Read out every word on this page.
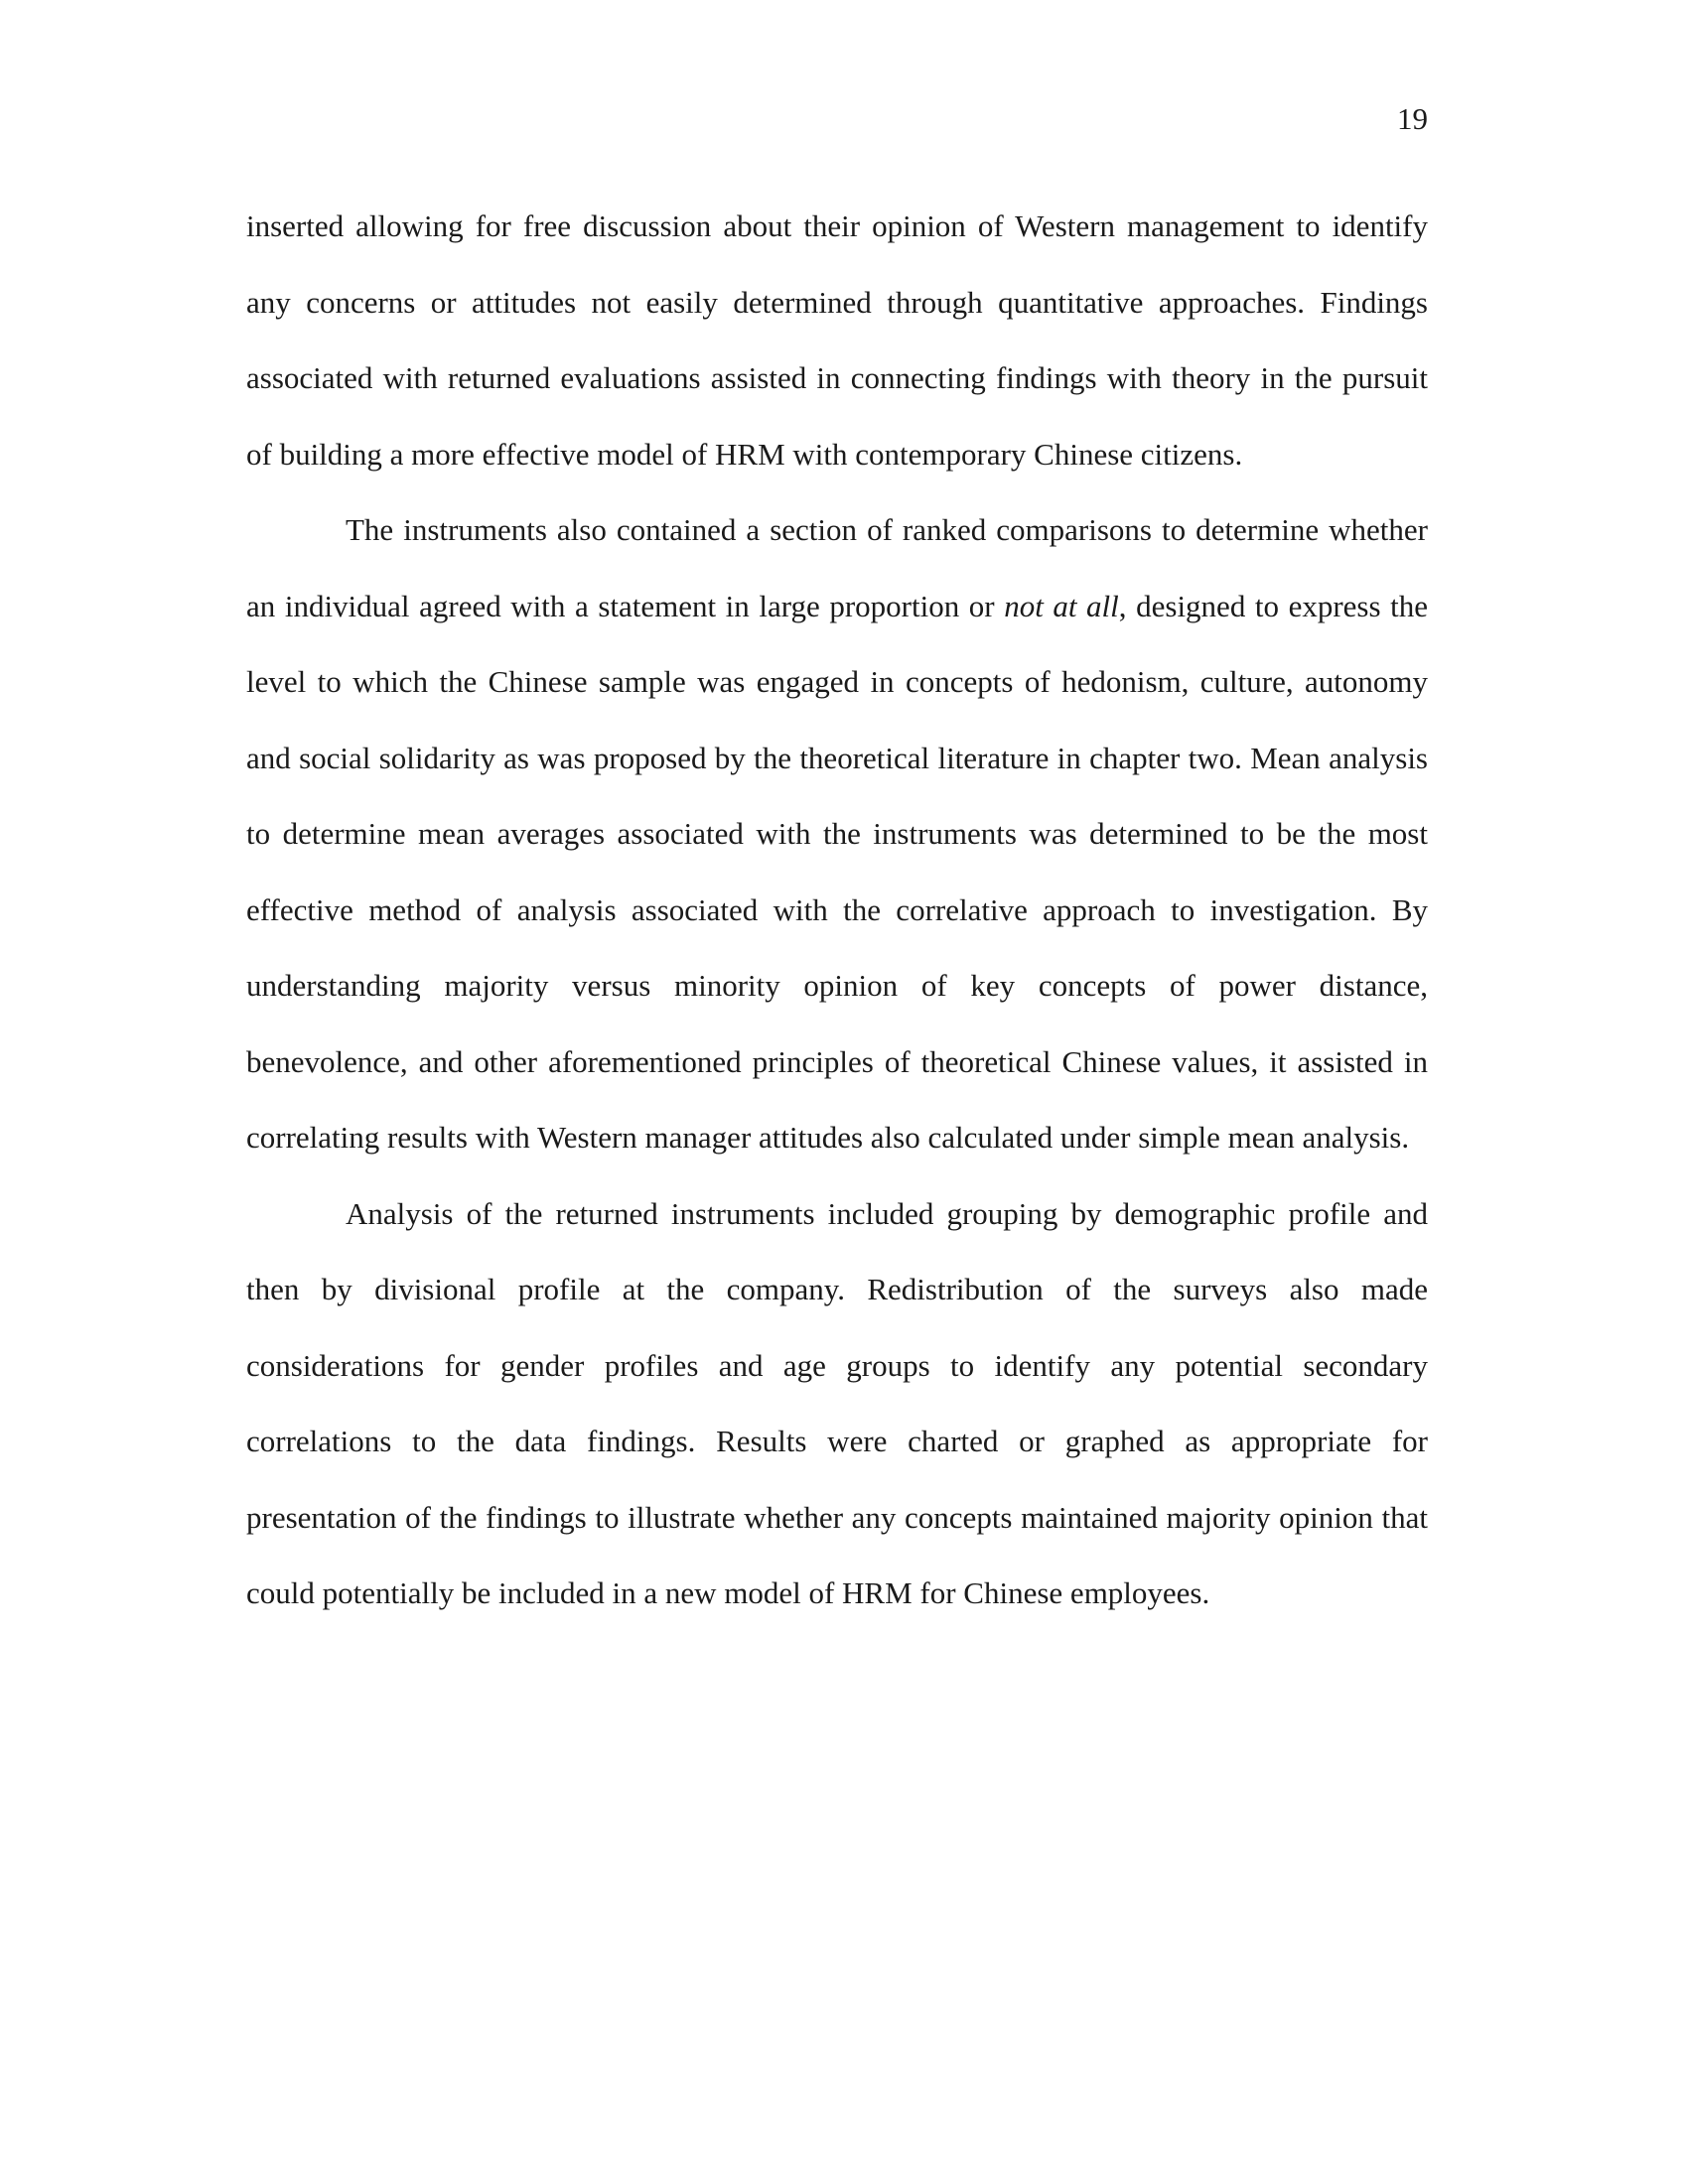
19

inserted allowing for free discussion about their opinion of Western management to identify any concerns or attitudes not easily determined through quantitative approaches. Findings associated with returned evaluations assisted in connecting findings with theory in the pursuit of building a more effective model of HRM with contemporary Chinese citizens.

The instruments also contained a section of ranked comparisons to determine whether an individual agreed with a statement in large proportion or not at all, designed to express the level to which the Chinese sample was engaged in concepts of hedonism, culture, autonomy and social solidarity as was proposed by the theoretical literature in chapter two. Mean analysis to determine mean averages associated with the instruments was determined to be the most effective method of analysis associated with the correlative approach to investigation. By understanding majority versus minority opinion of key concepts of power distance, benevolence, and other aforementioned principles of theoretical Chinese values, it assisted in correlating results with Western manager attitudes also calculated under simple mean analysis.

Analysis of the returned instruments included grouping by demographic profile and then by divisional profile at the company. Redistribution of the surveys also made considerations for gender profiles and age groups to identify any potential secondary correlations to the data findings. Results were charted or graphed as appropriate for presentation of the findings to illustrate whether any concepts maintained majority opinion that could potentially be included in a new model of HRM for Chinese employees.
